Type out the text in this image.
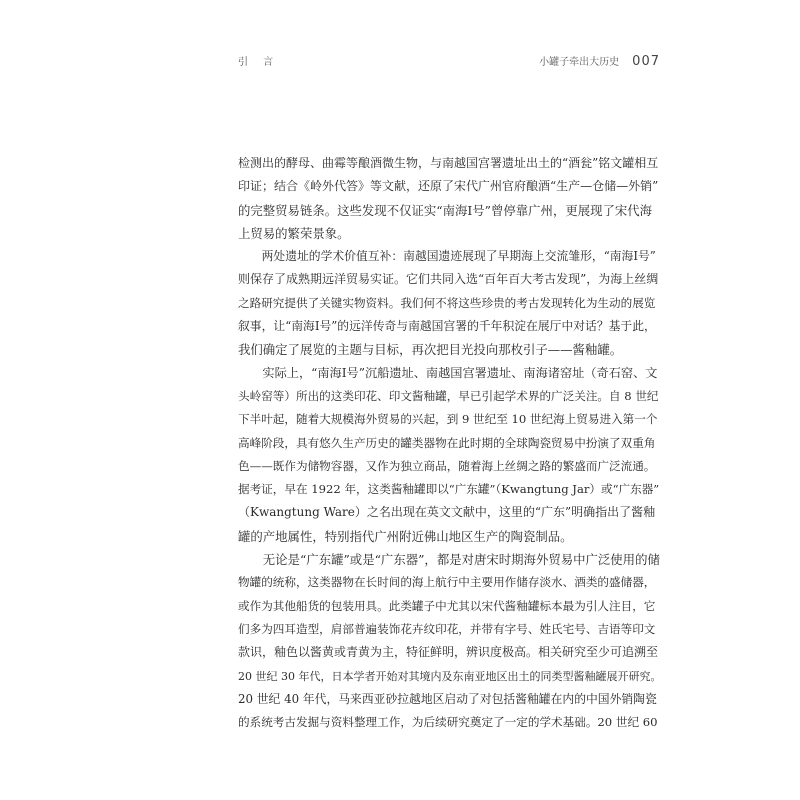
引 言	小罐子牵出大历史 007
检测出的酵母、曲霉等酿酒微生物，与南越国宫署遗址出土的“酒瓮”铭文罐相互
印证；结合《岭外代答》等文献，还原了宋代广州官府酿酒“生产—仓储—外销”
的完整贸易链条。这些发现不仅证实“南海Ⅰ号”曾停靠广州，更展现了宋代海
上贸易的繁荣景象。
两处遗址的学术价值互补：南越国遗迹展现了早期海上交流雏形，“南海Ⅰ号”
则保存了成熟期远洋贸易实证。它们共同入选“百年百大考古发现”，为海上丝绸
之路研究提供了关键实物资料。我们何不将这些珍贵的考古发现转化为生动的展览
叙事，让“南海Ⅰ号”的远洋传奇与南越国宫署的千年积淀在展厅中对话？基于此，
我们确定了展览的主题与目标，再次把目光投向那枚引子——酱釉罐。
实际上，“南海Ⅰ号”沉船遗址、南越国宫署遗址、南海诸窑址（奇石窑、文
头岭窑等）所出的这类印花、印文酱釉罐，早已引起学术界的广泛关注。自 8 世纪
下半叶起，随着大规模海外贸易的兴起，到 9 世纪至 10 世纪海上贸易进入第一个
高峰阶段，具有悠久生产历史的罐类器物在此时期的全球陶瓷贸易中扮演了双重角
色——既作为储物容器，又作为独立商品，随着海上丝绸之路的繁盛而广泛流通。
据考证，早在 1922 年，这类酱釉罐即以“广东罐”（Kwangtung Jar）或“广东器”
（Kwangtung Ware）之名出现在英文文献中，这里的“广东”明确指出了酱釉
罐的产地属性，特别指代广州附近佛山地区生产的陶瓷制品。
无论是“广东罐”或是“广东器”，都是对唐宋时期海外贸易中广泛使用的储
物罐的统称，这类器物在长时间的海上航行中主要用作储存淡水、酒类的盛储器，
或作为其他船货的包装用具。此类罐子中尤其以宋代酱釉罐标本最为引人注目，它
们多为四耳造型，肩部普遍装饰花卉纹印花，并带有字号、姓氏宅号、吉语等印文
款识，釉色以酱黄或青黄为主，特征鲜明，辨识度极高。相关研究至少可追溯至
20 世纪 30 年代，日本学者开始对其境内及东南亚地区出土的同类型酱釉罐展开研究。
20 世纪 40 年代，马来西亚砂拉越地区启动了对包括酱釉罐在内的中国外销陶瓷
的系统考古发掘与资料整理工作，为后续研究奠定了一定的学术基础。20 世纪 60
